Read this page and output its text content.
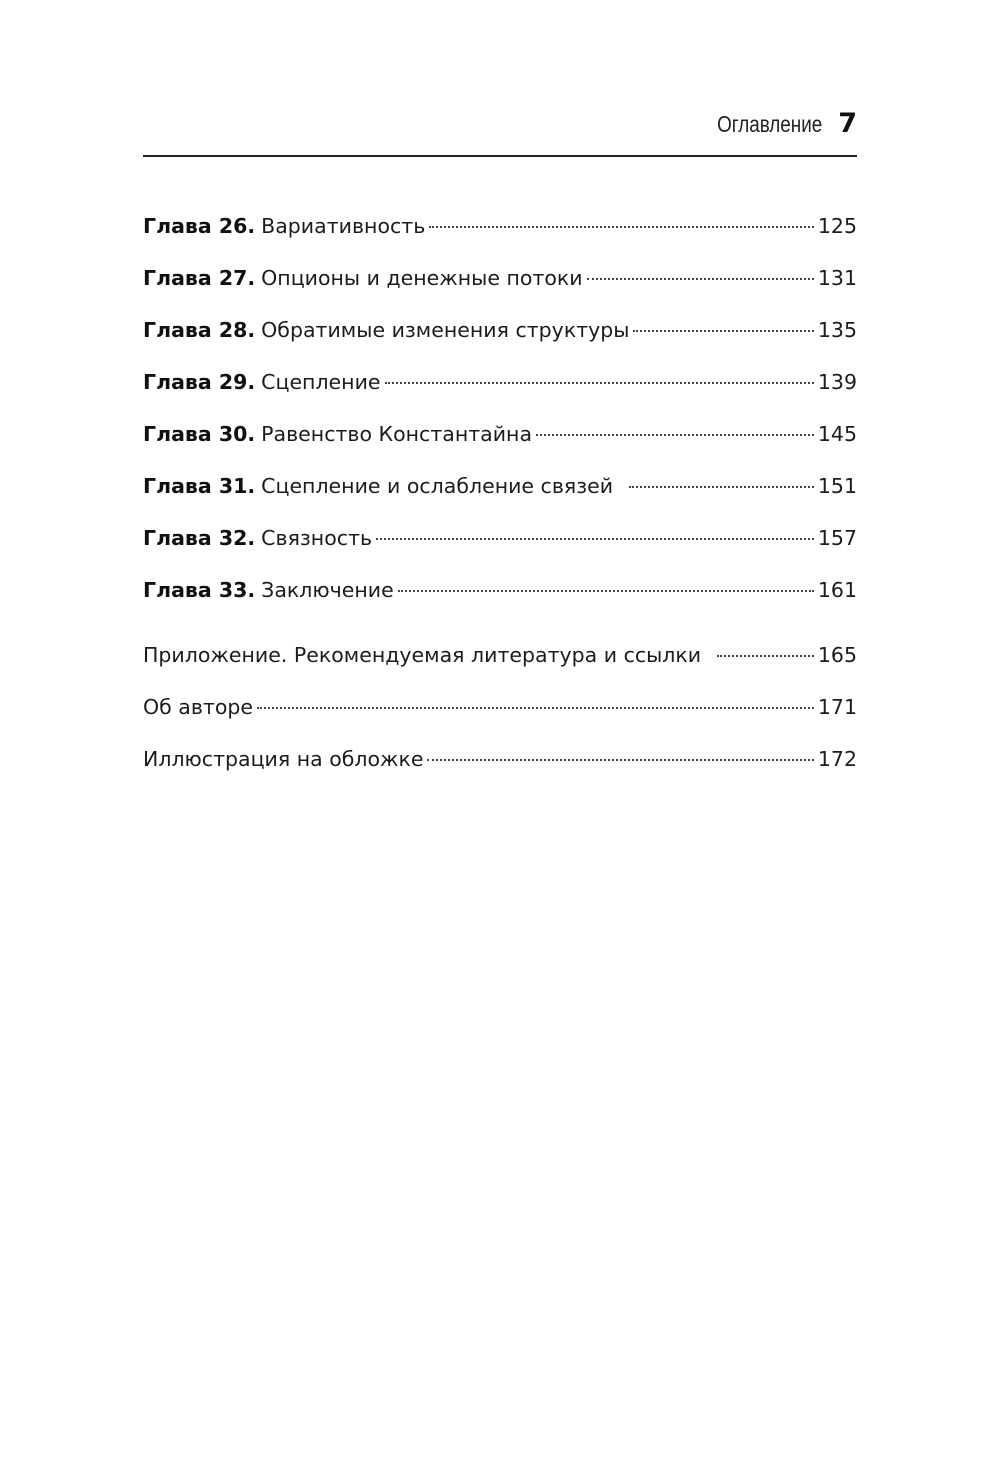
Оглавление 7
Глава 26. Вариативность	125
Глава 27. Опционы и денежные потоки	131
Глава 28. Обратимые изменения структуры	135
Глава 29. Сцепление	139
Глава 30. Равенство Константайна	145
Глава 31. Сцепление и ослабление связей	151
Глава 32. Связность	157
Глава 33. Заключение	161
Приложение. Рекомендуемая литература и ссылки	165
Об авторе	171
Иллюстрация на обложке	172
